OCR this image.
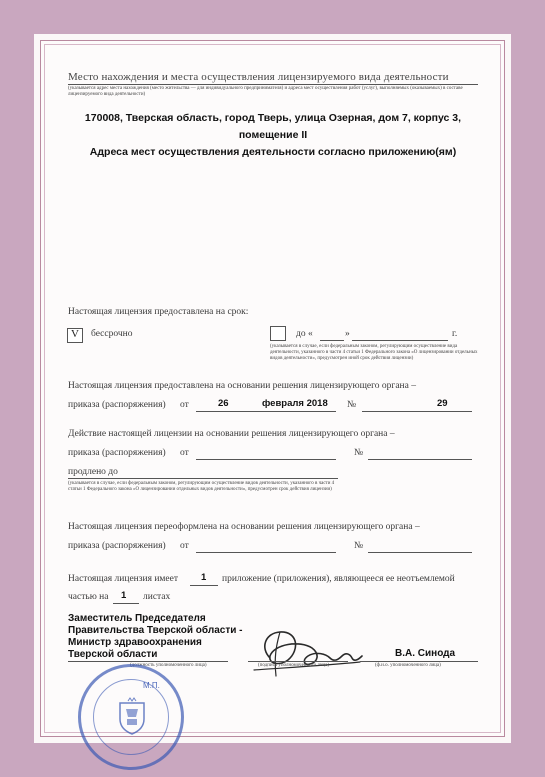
Место нахождения и места осуществления лицензируемого вида деятельности
(указывается адрес места нахождения (место жительства — для индивидуального предпринимателя) и адреса мест осуществления работ (услуг), выполняемых (оказываемых) в составе лицензируемого вида деятельности)
170008, Тверская область, город Тверь, улица Озерная, дом 7, корпус 3,
помещение II
Адреса мест осуществления деятельности согласно приложению(ям)
Настоящая лицензия предоставлена на срок:
V бессрочно	до «	»	г.
(указывается в случае, если федеральным законом, регулирующим осуществление вида деятельности, указанного в части 4 статьи 1 Федерального закона «О лицензировании отдельных видов деятельности», предусмотрен иной срок действия лицензии)
Настоящая лицензия предоставлена на основании решения лицензирующего органа –
приказа (распоряжения) от	26	февраля 2018 №	29
Действие настоящей лицензии на основании решения лицензирующего органа –
приказа (распоряжения) от	№
продлено до
(указывается в случае, если федеральным законом, регулирующим осуществление видов деятельности, указанного в части 4 статьи 1 Федерального закона «О лицензировании отдельных видов деятельности», предусмотрен срок действия лицензии)
Настоящая лицензия переоформлена на основании решения лицензирующего органа –
приказа (распоряжения) от	№
Настоящая лицензия имеет 1 приложение (приложения), являющееся ее неотъемлемой
частью на 1 листах
Заместитель Председателя
Правительства Тверской области -
Министр здравоохранения
Тверской области
(должность уполномоченного лица)	(подпись уполномоченного лица)
В.А. Синода
(ф.и.о. уполномоченного лица)
М.П.
